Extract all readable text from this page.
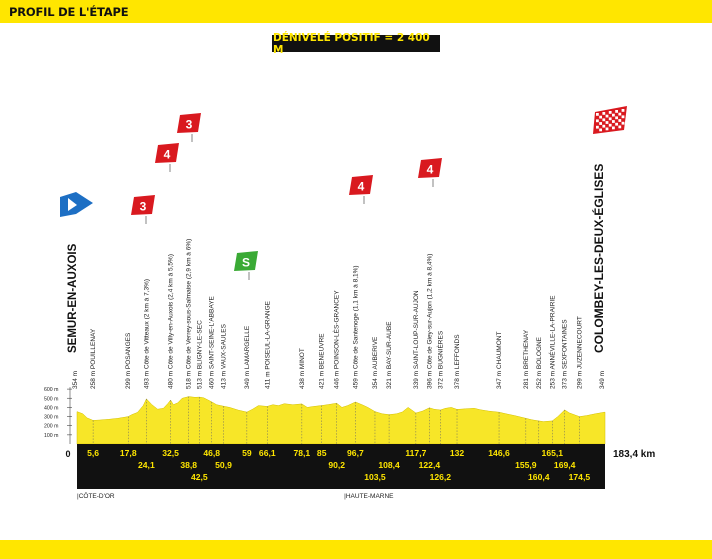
PROFIL DE L'ÉTAPE
DÉNIVELÉ POSITIF = 2 400 M
100 m
200 m
300 m
400 m
500 m
600 m
0	183,4 km
|CÔTE-D'OR	|HAUTE-MARNE
5,6 17,8
24,1
32,5
38,8
42,5
46,8
50,9
59 66,1 78,1 85
90,2
96,7
103,5
108,4
117,7
122,4
126,2
132	146,6
155,9
160,4
165,1
169,4
174,5
354 m
SEMUR-EN-AUXOIS
258 m POUILLENAY	299 m POSANGES 493 m Côte de Vitteaux (2 km à 7,3%)	480 m Côte de Villy-en-Auxois (2,4 km à 5,5%) 518 m Côte de Verrey-sous-Salmaise (2,9 km à 6%) 513 m BLIGNY-LE-SEC 460 m SAINT-SEINE-L'ABBAYE 413 m VAUX-SAULES	349 m LAMARGELLE 411 m POISEUL-LA-GRANGE	438 m MINOT 421 m BENEUVRE	446 m POINSON-LÈS-GRANCEY 459 m Côte de Santenoge (1,1 km à 8,1%) 354 m AUBERIVE 321 m BAY-SUR-AUBE	339 m SAINT-LOUP-SUR-AUJON 396 m Côte de Giey-sur-Aujon (1,2 km à 8,4%) 372 m BUGNIÈRES 378 m LEFFONDS	347 m CHAUMONT	281 m BRETHENAY 252 m BOLOGNE	253 m ANNÉVILLE-LA-PRAIRIE 373 m SEXFONTAINES 299 m JUZENNECOURT 349 m
COLOMBEY-LES-DEUX-ÉGLISES
3
4
3
S
4
4
